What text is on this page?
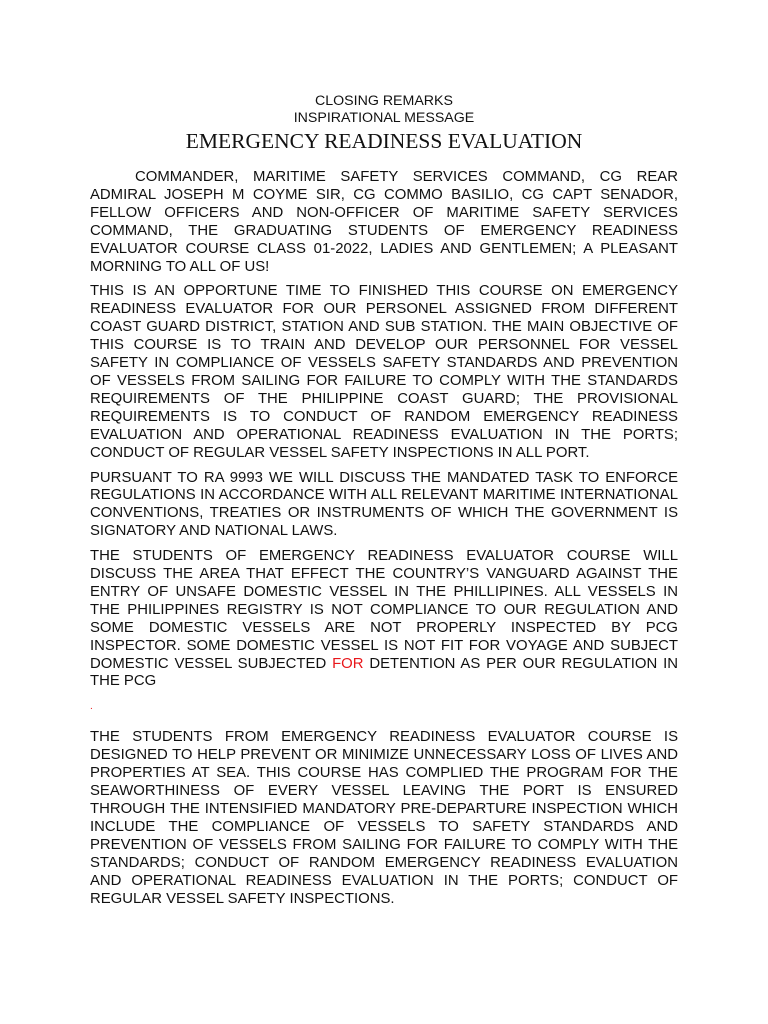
CLOSING REMARKS
INSPIRATIONAL MESSAGE
EMERGENCY READINESS EVALUATION

COMMANDER, MARITIME SAFETY SERVICES COMMAND, CG REAR ADMIRAL JOSEPH M COYME SIR, CG COMMO BASILIO, CG CAPT SENADOR, FELLOW OFFICERS AND NON-OFFICER OF MARITIME SAFETY SERVICES COMMAND, THE GRADUATING STUDENTS OF EMERGENCY READINESS EVALUATOR COURSE CLASS 01-2022, LADIES AND GENTLEMEN; A PLEASANT MORNING TO ALL OF US!

THIS IS AN OPPORTUNE TIME TO FINISHED THIS COURSE ON EMERGENCY READINESS EVALUATOR FOR OUR PERSONEL ASSIGNED FROM DIFFERENT COAST GUARD DISTRICT, STATION AND SUB STATION. THE MAIN OBJECTIVE OF THIS COURSE IS TO TRAIN AND DEVELOP OUR PERSONNEL FOR VESSEL SAFETY IN COMPLIANCE OF VESSELS SAFETY STANDARDS AND PREVENTION OF VESSELS FROM SAILING FOR FAILURE TO COMPLY WITH THE STANDARDS REQUIREMENTS OF THE PHILIPPINE COAST GUARD; THE PROVISIONAL REQUIREMENTS IS TO CONDUCT OF RANDOM EMERGENCY READINESS EVALUATION AND OPERATIONAL READINESS EVALUATION IN THE PORTS; CONDUCT OF REGULAR VESSEL SAFETY INSPECTIONS IN ALL PORT.

PURSUANT TO RA 9993 WE WILL DISCUSS THE MANDATED TASK TO ENFORCE REGULATIONS IN ACCORDANCE WITH ALL RELEVANT MARITIME INTERNATIONAL CONVENTIONS, TREATIES OR INSTRUMENTS OF WHICH THE GOVERNMENT IS SIGNATORY AND NATIONAL LAWS.

THE STUDENTS OF EMERGENCY READINESS EVALUATOR COURSE WILL DISCUSS THE AREA THAT EFFECT THE COUNTRY’S VANGUARD AGAINST THE ENTRY OF UNSAFE DOMESTIC VESSEL IN THE PHILLIPINES. ALL VESSELS IN THE PHILIPPINES REGISTRY IS NOT COMPLIANCE TO OUR REGULATION AND SOME DOMESTIC VESSELS ARE NOT PROPERLY INSPECTED BY PCG INSPECTOR. SOME DOMESTIC VESSEL IS NOT FIT FOR VOYAGE AND SUBJECT DOMESTIC VESSEL SUBJECTED FOR DETENTION AS PER OUR REGULATION IN THE PCG

.

THE STUDENTS FROM EMERGENCY READINESS EVALUATOR COURSE IS DESIGNED TO HELP PREVENT OR MINIMIZE UNNECESSARY LOSS OF LIVES AND PROPERTIES AT SEA. THIS COURSE HAS COMPLIED THE PROGRAM FOR THE SEAWORTHINESS OF EVERY VESSEL LEAVING THE PORT IS ENSURED THROUGH THE INTENSIFIED MANDATORY PRE-DEPARTURE INSPECTION WHICH INCLUDE THE COMPLIANCE OF VESSELS TO SAFETY STANDARDS AND PREVENTION OF VESSELS FROM SAILING FOR FAILURE TO COMPLY WITH THE STANDARDS; CONDUCT OF RANDOM EMERGENCY READINESS EVALUATION AND OPERATIONAL READINESS EVALUATION IN THE PORTS; CONDUCT OF REGULAR VESSEL SAFETY INSPECTIONS.
